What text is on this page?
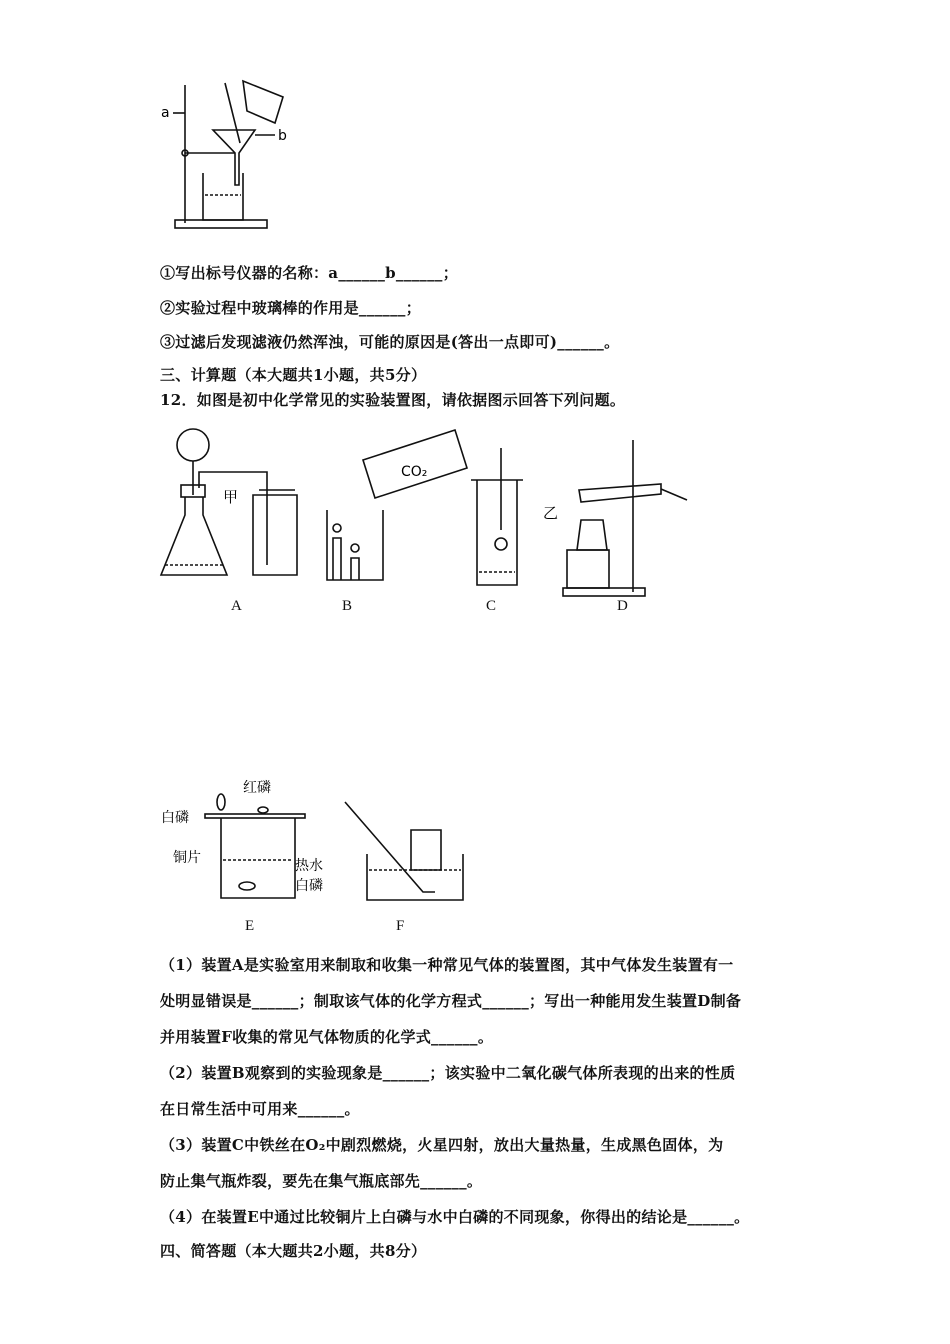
a
b
①写出标号仪器的名称：a______b______；
②实验过程中玻璃棒的作用是______；
③过滤后发现滤液仍然浑浊，可能的原因是(答出一点即可)______。
三、计算题（本大题共1小题，共5分）
12．如图是初中化学常见的实验装置图，请依据图示回答下列问题。
甲
CO₂
乙
A	B	C	D
白磷
红磷
铜片	热水
白磷
E	F
（1）装置A是实验室用来制取和收集一种常见气体的装置图，其中气体发生装置有一
处明显错误是______；制取该气体的化学方程式______；写出一种能用发生装置D制备
并用装置F收集的常见气体物质的化学式______。
（2）装置B观察到的实验现象是______；该实验中二氧化碳气体所表现的出来的性质
在日常生活中可用来______。
（3）装置C中铁丝在O₂中剧烈燃烧，火星四射，放出大量热量，生成黑色固体，为
防止集气瓶炸裂，要先在集气瓶底部先______。
（4）在装置E中通过比较铜片上白磷与水中白磷的不同现象，你得出的结论是______。
四、简答题（本大题共2小题，共8分）
